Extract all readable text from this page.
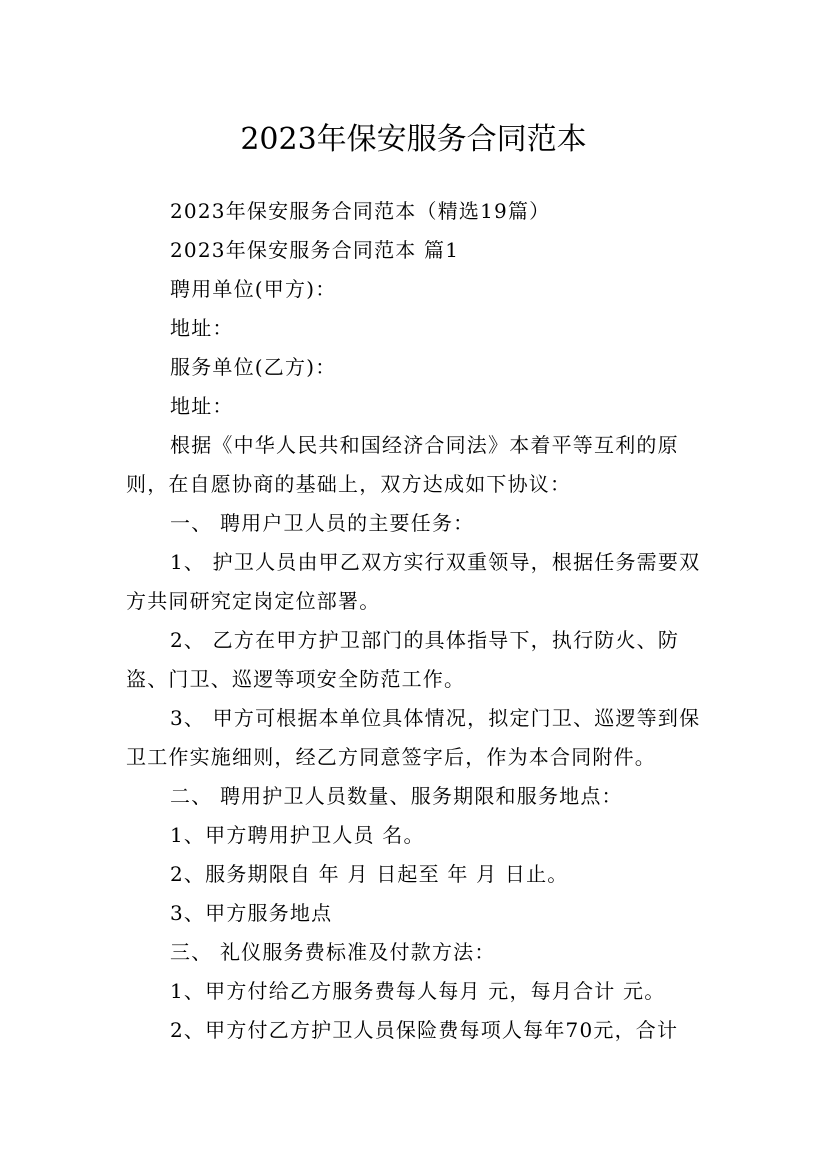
2023年保安服务合同范本

2023年保安服务合同范本（精选19篇）

2023年保安服务合同范本 篇1

聘用单位(甲方)：

地址：

服务单位(乙方)：

地址：

根据《中华人民共和国经济合同法》本着平等互利的原则，在自愿协商的基础上，双方达成如下协议：

一、 聘用户卫人员的主要任务：

1、 护卫人员由甲乙双方实行双重领导，根据任务需要双方共同研究定岗定位部署。

2、 乙方在甲方护卫部门的具体指导下，执行防火、防盗、门卫、巡逻等项安全防范工作。

3、 甲方可根据本单位具体情况，拟定门卫、巡逻等到保卫工作实施细则，经乙方同意签字后，作为本合同附件。

二、 聘用护卫人员数量、服务期限和服务地点：

1、甲方聘用护卫人员 名。

2、服务期限自 年 月 日起至 年 月 日止。

3、甲方服务地点

三、 礼仪服务费标准及付款方法：

1、甲方付给乙方服务费每人每月 元，每月合计 元。

2、甲方付乙方护卫人员保险费每项人每年70元，合计
